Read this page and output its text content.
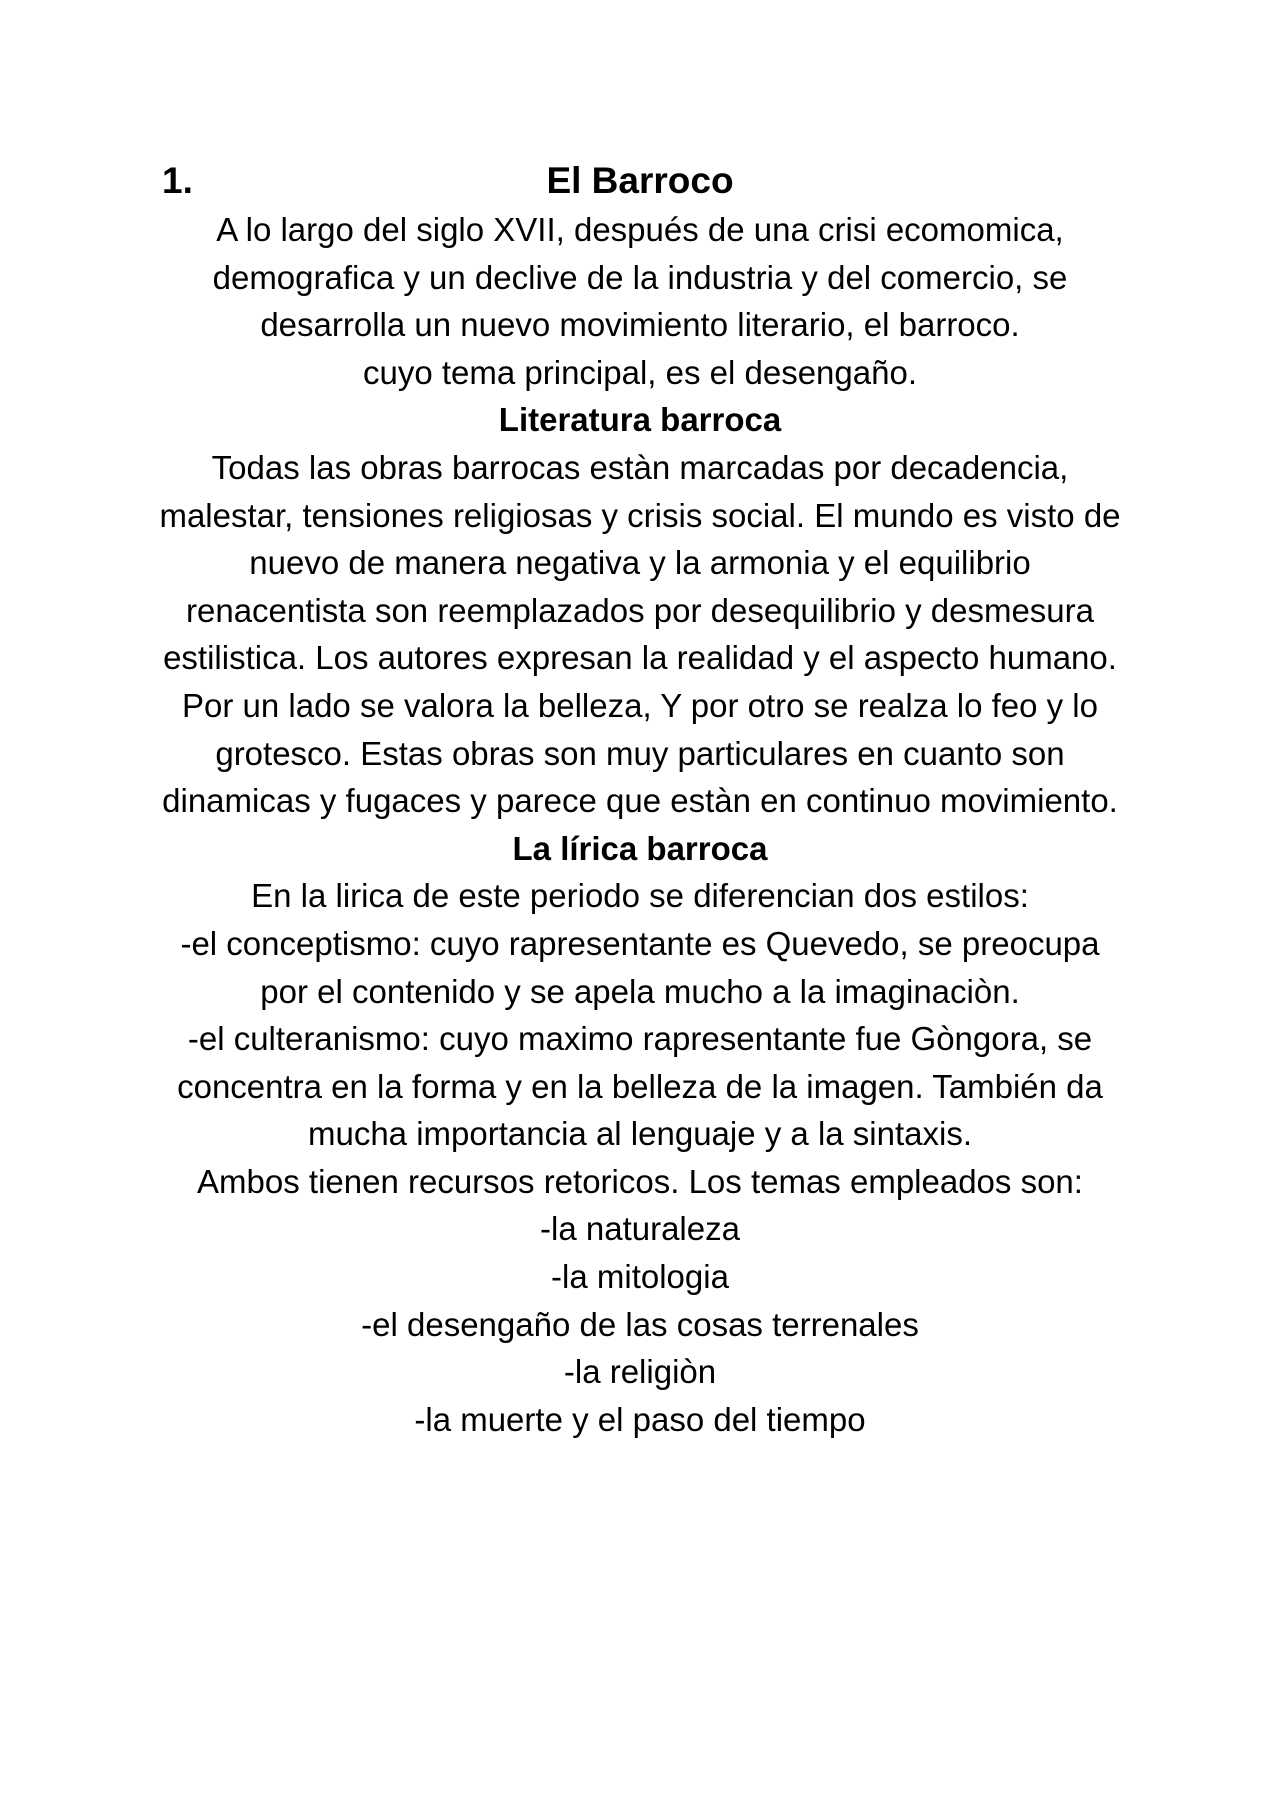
1.	El Barroco
A lo largo del siglo XVII, después de una crisi ecomomica,
demografica y un declive de la industria y del comercio, se
desarrolla un nuevo movimiento literario, el barroco.
cuyo tema principal, es el desengaño.
Literatura barroca
Todas las obras barrocas estàn marcadas por decadencia,
malestar, tensiones religiosas y crisis social. El mundo es visto de
nuevo de manera negativa y la armonia y el equilibrio
renacentista son reemplazados por desequilibrio y desmesura
estilistica. Los autores expresan la realidad y el aspecto humano.
Por un lado se valora la belleza, Y por otro se realza lo feo y lo
grotesco. Estas obras son muy particulares en cuanto son
dinamicas y fugaces y parece que estàn en continuo movimiento.
La lírica barroca
En la lirica de este periodo se diferencian dos estilos:
-el conceptismo: cuyo rapresentante es Quevedo, se preocupa
por el contenido y se apela mucho a la imaginaciòn.
-el culteranismo: cuyo maximo rapresentante fue Gòngora, se
concentra en la forma y en la belleza de la imagen. También da
mucha importancia al lenguaje y a la sintaxis.
Ambos tienen recursos retoricos. Los temas empleados son:
-la naturaleza
-la mitologia
-el desengaño de las cosas terrenales
-la religiòn
-la muerte y el paso del tiempo
